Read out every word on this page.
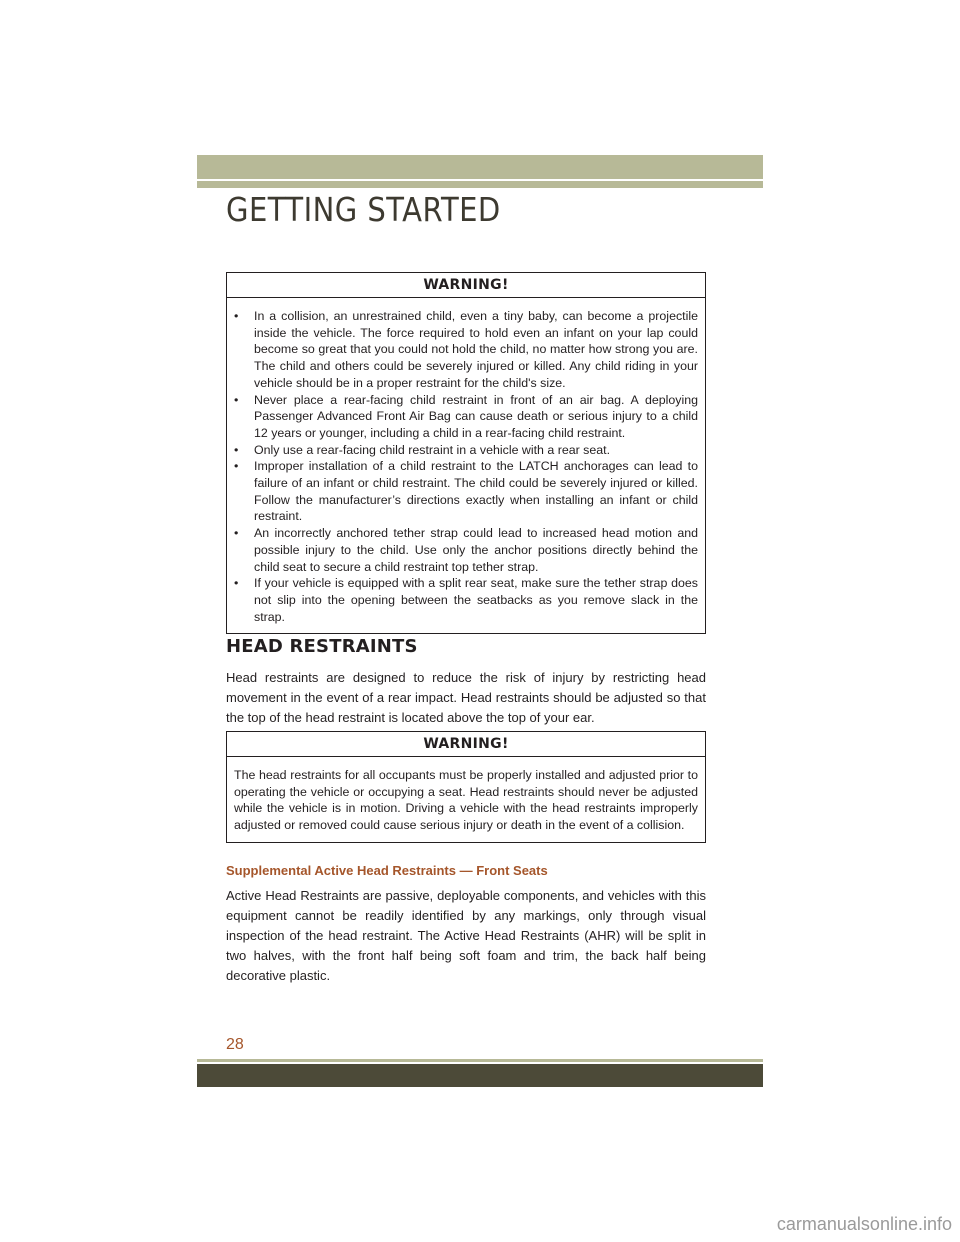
GETTING STARTED
WARNING!
• In a collision, an unrestrained child, even a tiny baby, can become a projectile inside the vehicle. The force required to hold even an infant on your lap could become so great that you could not hold the child, no matter how strong you are. The child and others could be severely injured or killed. Any child riding in your vehicle should be in a proper restraint for the child's size.
• Never place a rear-facing child restraint in front of an air bag. A deploying Passenger Advanced Front Air Bag can cause death or serious injury to a child 12 years or younger, including a child in a rear-facing child restraint.
• Only use a rear-facing child restraint in a vehicle with a rear seat.
• Improper installation of a child restraint to the LATCH anchorages can lead to failure of an infant or child restraint. The child could be severely injured or killed. Follow the manufacturer’s directions exactly when installing an infant or child restraint.
• An incorrectly anchored tether strap could lead to increased head motion and possible injury to the child. Use only the anchor positions directly behind the child seat to secure a child restraint top tether strap.
• If your vehicle is equipped with a split rear seat, make sure the tether strap does not slip into the opening between the seatbacks as you remove slack in the strap.
HEAD RESTRAINTS

Head restraints are designed to reduce the risk of injury by restricting head movement in the event of a rear impact. Head restraints should be adjusted so that the top of the head restraint is located above the top of your ear.

WARNING!

The head restraints for all occupants must be properly installed and adjusted prior to operating the vehicle or occupying a seat. Head restraints should never be adjusted while the vehicle is in motion. Driving a vehicle with the head restraints improperly adjusted or removed could cause serious injury or death in the event of a collision.

Supplemental Active Head Restraints — Front Seats

Active Head Restraints are passive, deployable components, and vehicles with this equipment cannot be readily identified by any markings, only through visual inspection of the head restraint. The Active Head Restraints (AHR) will be split in two halves, with the front half being soft foam and trim, the back half being decorative plastic.

28
carmanualsonline.info
